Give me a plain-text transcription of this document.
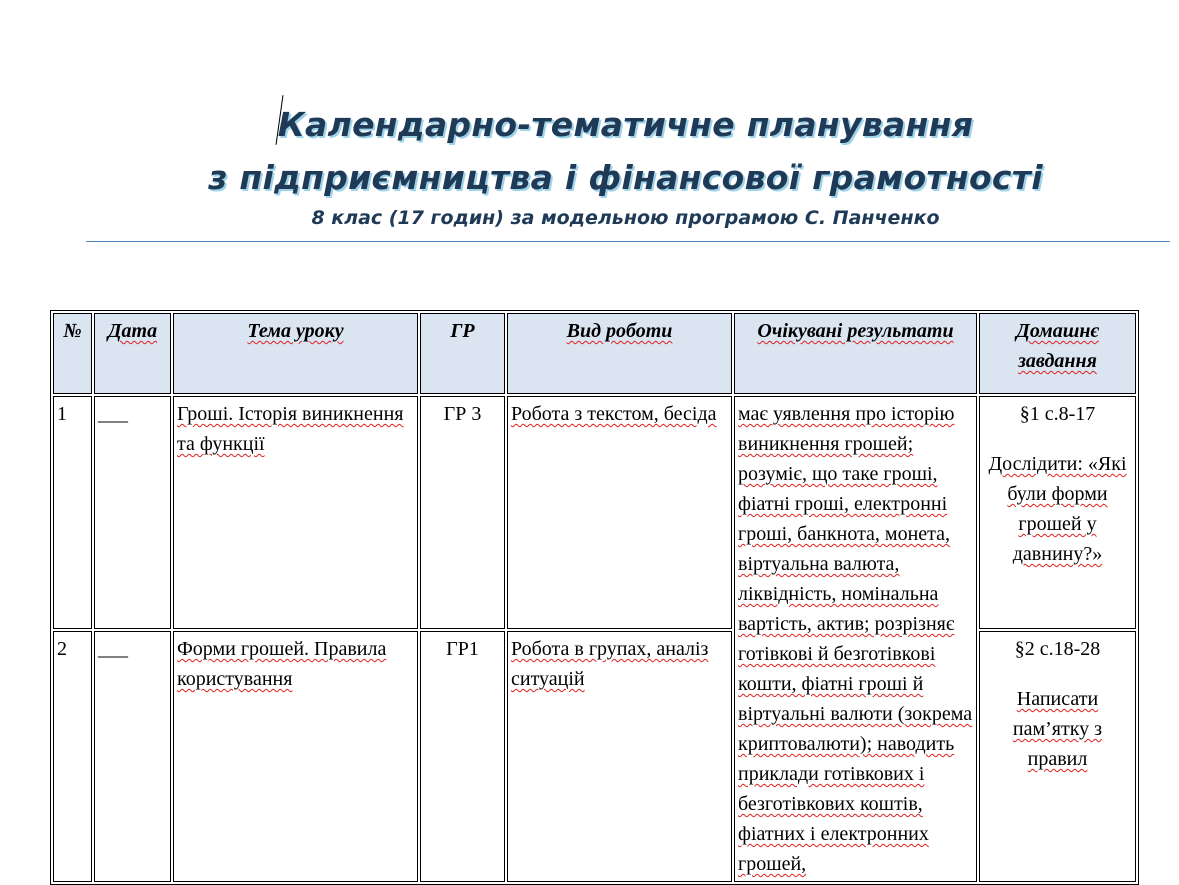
Календарно-тематичне планування
з підприємництва і фінансової грамотності
8 клас (17 годин) за модельною програмою С. Панченко
№	Дата	Тема уроку	ГР	Вид роботи	Очікувані результати	Домашнє завдання
1	___	Гроші. Історія виникнення та функції	ГР 3	Робота з текстом, бесіда	має уявлення про історію виникнення грошей; розуміє, що таке гроші, фіатні гроші, електронні гроші, банкнота, монета, віртуальна валюта, ліквідність, номінальна вартість, актив; розрізняє готівкові й безготівкові кошти, фіатні гроші й віртуальні валюти (зокрема криптовалюти); наводить приклади готівкових і безготівкових коштів, фіатних і електронних грошей,	§1 с.8-17
Дослідити: «Які були форми грошей у давнину?»

2	___	Форми грошей. Правила користування	ГР1	Робота в групах, аналіз ситуацій		§2 с.18-28
Написати пам’ятку з правил
